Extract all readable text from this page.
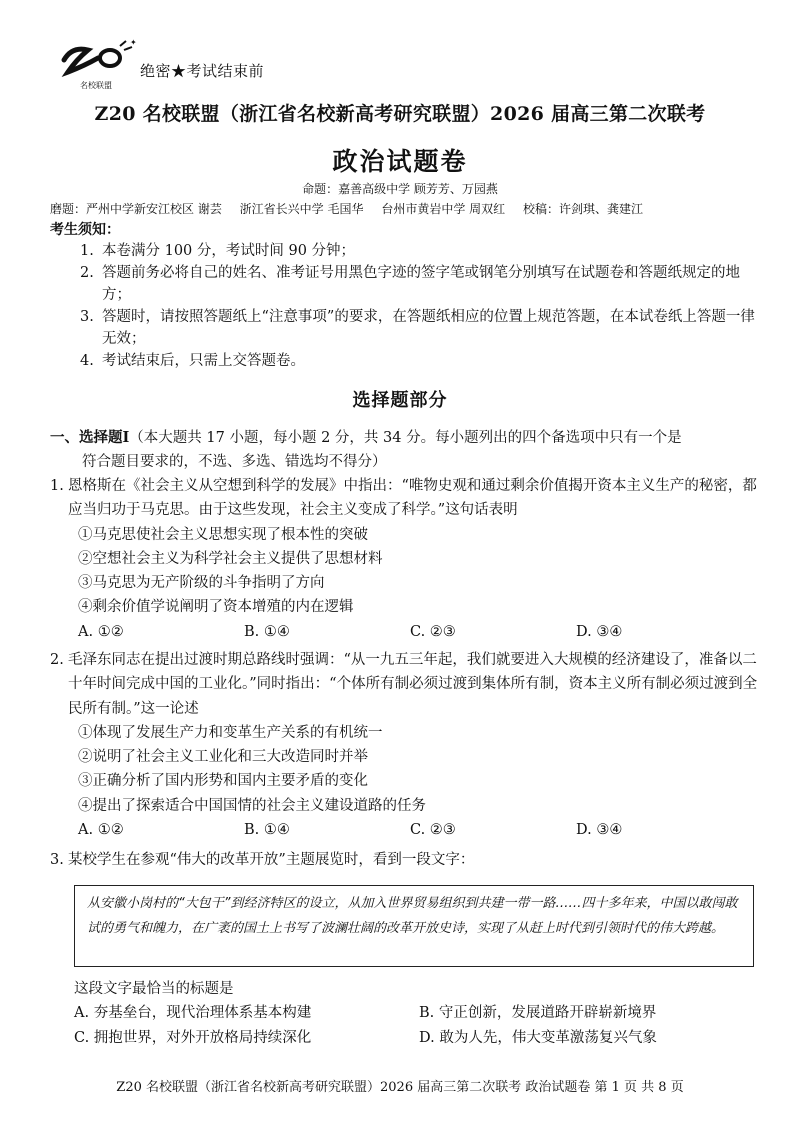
✦
名校联盟
绝密★考试结束前
Z20 名校联盟（浙江省名校新高考研究联盟）2026 届高三第二次联考
政治试题卷
命题：嘉善高级中学 顾芳芳、万园燕
磨题：严州中学新安江校区 谢芸 浙江省长兴中学 毛国华 台州市黄岩中学 周双红 校稿：许剑琪、龚建江
考生须知：
1. 本卷满分 100 分，考试时间 90 分钟；
2. 答题前务必将自己的姓名、准考证号用黑色字迹的签字笔或钢笔分别填写在试题卷和答题纸规定的地方；
3. 答题时，请按照答题纸上“注意事项”的要求，在答题纸相应的位置上规范答题，在本试卷纸上答题一律无效；
4. 考试结束后，只需上交答题卷。
选择题部分
一、选择题Ⅰ（本大题共 17 小题，每小题 2 分，共 34 分。每小题列出的四个备选项中只有一个是
符合题目要求的，不选、多选、错选均不得分）
1. 恩格斯在《社会主义从空想到科学的发展》中指出：“唯物史观和通过剩余价值揭开资本主义生产的秘密，都应当归功于马克思。由于这些发现，社会主义变成了科学。”这句话表明
①马克思使社会主义思想实现了根本性的突破
②空想社会主义为科学社会主义提供了思想材料
③马克思为无产阶级的斗争指明了方向
④剩余价值学说阐明了资本增殖的内在逻辑
A. ①②	B. ①④	C. ②③	D. ③④
2. 毛泽东同志在提出过渡时期总路线时强调：“从一九五三年起，我们就要进入大规模的经济建设了，准备以二十年时间完成中国的工业化。”同时指出：“个体所有制必须过渡到集体所有制，资本主义所有制必须过渡到全民所有制。”这一论述
①体现了发展生产力和变革生产关系的有机统一
②说明了社会主义工业化和三大改造同时并举
③正确分析了国内形势和国内主要矛盾的变化
④提出了探索适合中国国情的社会主义建设道路的任务
A. ①②	B. ①④	C. ②③	D. ③④
3. 某校学生在参观“伟大的改革开放”主题展览时，看到一段文字：
从安徽小岗村的“大包干”到经济特区的设立，从加入世界贸易组织到共建一带一路……四十多年来，中国以敢闯敢试的勇气和魄力，在广袤的国土上书写了波澜壮阔的改革开放史诗，实现了从赶上时代到引领时代的伟大跨越。
这段文字最恰当的标题是
A. 夯基垒台，现代治理体系基本构建	B. 守正创新，发展道路开辟崭新境界
C. 拥抱世界，对外开放格局持续深化	D. 敢为人先，伟大变革激荡复兴气象
Z20 名校联盟（浙江省名校新高考研究联盟）2026 届高三第二次联考 政治试题卷 第 1 页 共 8 页
